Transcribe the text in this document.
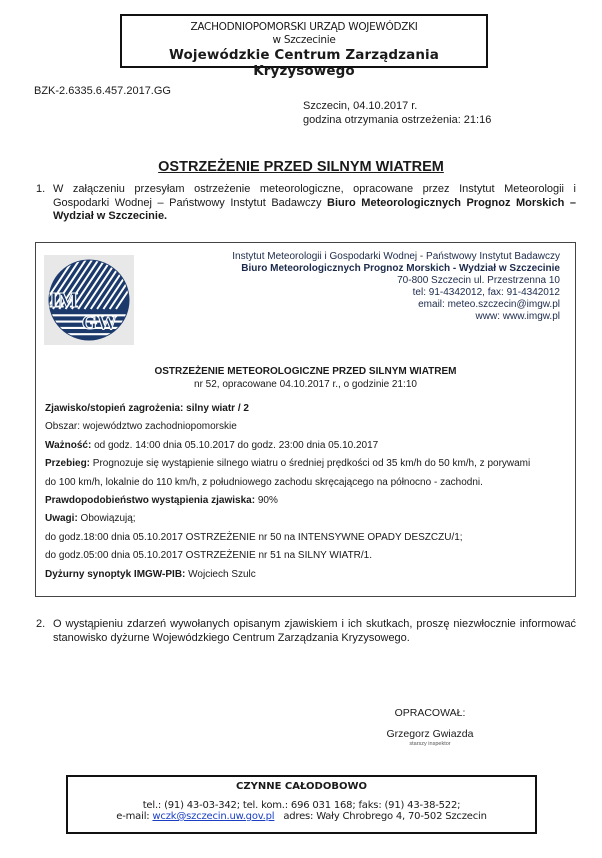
ZACHODNIOPOMORSKI URZĄD WOJEWÓDZKI
w Szczecinie
Wojewódzkie Centrum Zarządzania Kryzysowego
BZK-2.6335.6.457.2017.GG
Szczecin, 04.10.2017 r.
godzina otrzymania ostrzeżenia: 21:16
OSTRZEŻENIE PRZED SILNYM WIATREM
1. W załączeniu przesyłam ostrzeżenie meteorologiczne, opracowane przez Instytut Meteorologii i Gospodarki Wodnej – Państwowy Instytut Badawczy Biuro Meteorologicznych Prognoz Morskich – Wydział w Szczecinie.
IM
GW
Instytut Meteorologii i Gospodarki Wodnej - Państwowy Instytut Badawczy
Biuro Meteorologicznych Prognoz Morskich - Wydział w Szczecinie
70-800 Szczecin ul. Przestrzenna 10
tel: 91-4342012, fax: 91-4342012
email: meteo.szczecin@imgw.pl
www: www.imgw.pl
OSTRZEŻENIE METEOROLOGICZNE PRZED SILNYM WIATREM
nr 52, opracowane 04.10.2017 r., o godzinie 21:10
Zjawisko/stopień zagrożenia: silny wiatr / 2
Obszar: województwo zachodniopomorskie
Ważność: od godz. 14:00 dnia 05.10.2017 do godz. 23:00 dnia 05.10.2017
Przebieg: Prognozuje się wystąpienie silnego wiatru o średniej prędkości od 35 km/h do 50 km/h, z porywami
do 100 km/h, lokalnie do 110 km/h, z południowego zachodu skręcającego na północno - zachodni.
Prawdopodobieństwo wystąpienia zjawiska: 90%
Uwagi: Obowiązują;
do godz.18:00 dnia 05.10.2017 OSTRZEŻENIE nr 50 na INTENSYWNE OPADY DESZCZU/1;
do godz.05:00 dnia 05.10.2017 OSTRZEŻENIE nr 51 na SILNY WIATR/1.
Dyżurny synoptyk IMGW-PIB: Wojciech Szulc
2. O wystąpieniu zdarzeń wywołanych opisanym zjawiskiem i ich skutkach, proszę niezwłocznie informować stanowisko dyżurne Wojewódzkiego Centrum Zarządzania Kryzysowego.
OPRACOWAŁ:
Grzegorz Gwiazda
starszy inspektor
CZYNNE CAŁODOBOWO
tel.: (91) 43-03-342; tel. kom.: 696 031 168; faks: (91) 43-38-522;
e-mail: wczk@szczecin.uw.gov.pl adres: Wały Chrobrego 4, 70-502 Szczecin
